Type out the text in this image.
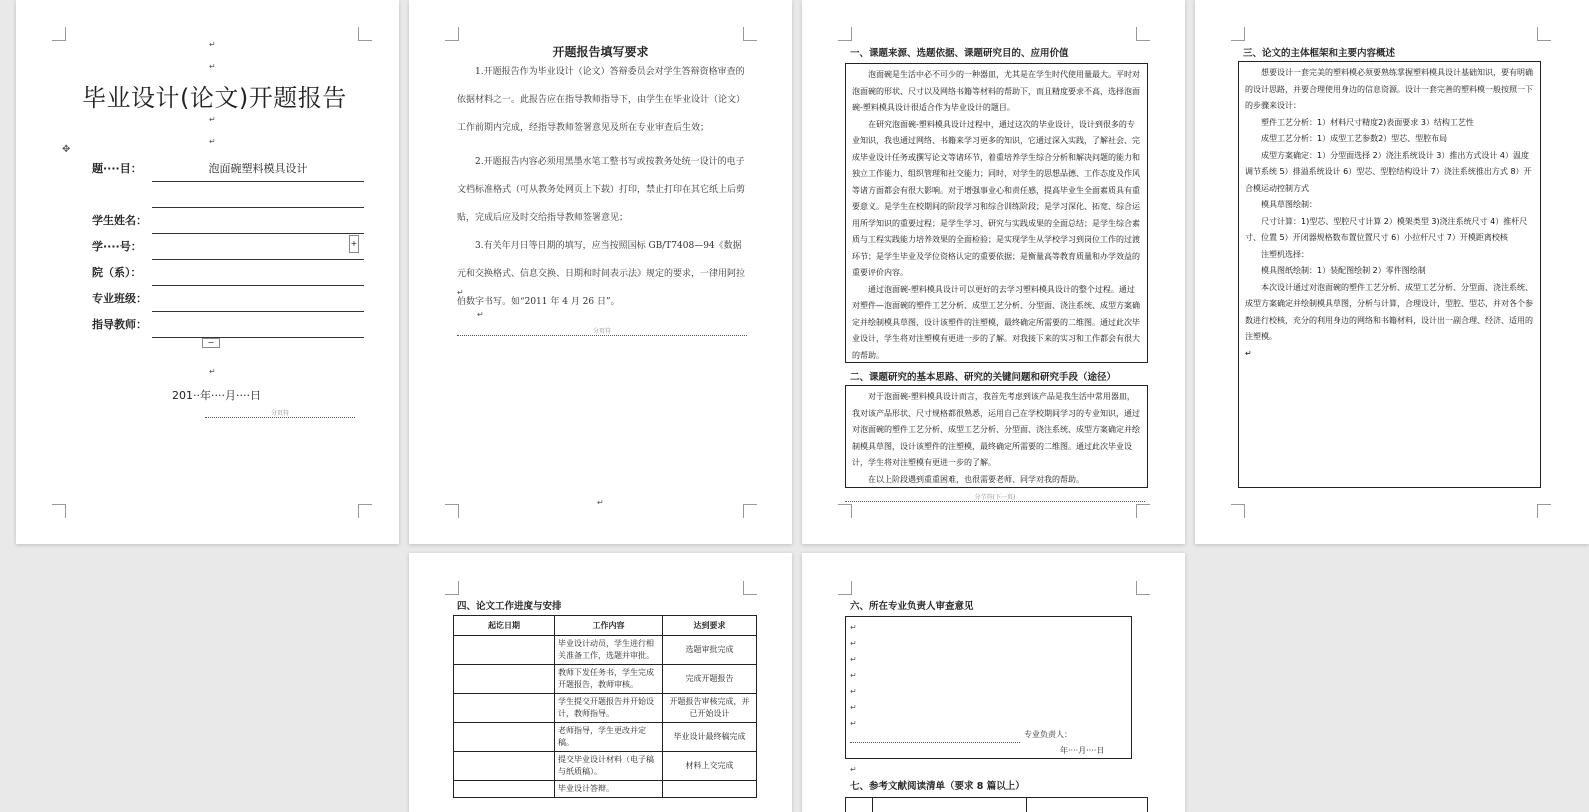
↵
↵
毕业设计(论文)开题报告
↵
↵
✥
题····目：	泡面碗塑料模具设计

学生姓名：	
学····号：	
院（系）：	
专业班级：	
指导教师：	
+
−
↵
201··年····月····日
分页符
开题报告填写要求
1.开题报告作为毕业设计（论文）答辩委员会对学生答辩资格审查的依据材料之一。此报告应在指导教师指导下，由学生在毕业设计（论文）工作前期内完成，经指导教师签署意见及所在专业审查后生效；
2.开题报告内容必须用黑墨水笔工整书写或按教务处统一设计的电子文档标准格式（可从教务处网页上下载）打印，禁止打印在其它纸上后剪贴，完成后应及时交给指导教师签署意见；
3.有关年月日等日期的填写，应当按照国标 GB/T7408—94《数据元和交换格式、信息交换、日期和时间表示法》规定的要求，一律用阿拉伯数字书写。如“2011 年 4 月 26 日”。
↵
↵
分页符
↵
一、课题来源、选题依据、课题研究目的、应用价值

泡面碗是生活中必不可少的一种器皿，尤其是在学生时代使用量最大。平时对泡面碗的形状、尺寸以及网络书籍等材料的帮助下，而且精度要求不高，选择泡面碗-塑料模具设计很适合作为毕业设计的题目。

在研究泡面碗-塑料模具设计过程中，通过这次的毕业设计，设计到很多的专业知识，我也通过网络、书籍来学习更多的知识，它通过深入实践，了解社会、完成毕业设计任务或撰写论文等诸环节，着重培养学生综合分析和解决问题的能力和独立工作能力、组织管理和社交能力；同时，对学生的思想品德、工作态度及作风等诸方面都会有很大影响。对于增强事业心和责任感，提高毕业生全面素质具有重要意义。是学生在校期间的阶段学习和综合训练阶段；是学习深化、拓宽、综合运用所学知识的重要过程；是学生学习、研究与实践成果的全面总结；是学生综合素质与工程实践能力培养效果的全面检验；是实现学生从学校学习到岗位工作的过渡环节；是学生毕业及学位资格认定的重要依据；是衡量高等教育质量和办学效益的重要评价内容。

通过泡面碗-塑料模具设计可以更好的去学习塑料模具设计的整个过程。通过对塑件—泡面碗的塑件工艺分析、成型工艺分析、分型面、浇注系统、成型方案确定并绘制模具草图，设计该塑件的注塑模，最终确定所需要的二维图。通过此次毕业设计，学生将对注塑模有更进一步的了解。对我接下来的实习和工作都会有很大的帮助。

二、课题研究的基本思路、研究的关键问题和研究手段（途径）

对于泡面碗-塑料模具设计而言，我首先考虑到该产品是我生活中常用器皿，我对该产品形状、尺寸规格都很熟悉，运用自己在学校期间学习的专业知识，通过对泡面碗的塑件工艺分析、成型工艺分析、分型面、浇注系统、成型方案确定并绘制模具草图，设计该塑件的注塑模，最终确定所需要的二维图。通过此次毕业设计，学生将对注塑模有更进一步的了解。

在以上阶段遇到重重困难，也很需要老师、同学对我的帮助。

分节符(下一页)
三、论文的主体框架和主要内容概述

想要设计一套完美的塑料模必须要熟练掌握塑料模具设计基础知识，要有明确的设计思路，并要合理使用身边的信息资源。设计一套完善的塑料模一般按照一下的步骤来设计：

塑件工艺分析：1）材料尺寸精度2)表面要求 3）结构工艺性

成型工艺分析：1）成型工艺参数2）型芯、型腔布局

成型方案确定：1）分型面选择 2）浇注系统设计 3）推出方式设计 4）温度调节系统 5）排溢系统设计 6）型芯、型腔结构设计 7）浇注系统推出方式 8）开合模运动控制方式

模具草图绘制：

尺寸计算：1)型芯、型腔尺寸计算 2）模架类型 3)浇注系统尺寸 4）推杆尺寸、位置 5）开闭器规格数布置位置尺寸 6）小拉杆尺寸 7）开模距离校核

注塑机选择：

模具图纸绘制：1）装配图绘制 2）零件图绘制

本次设计通过对泡面碗的塑件工艺分析、成型工艺分析、分型面、浇注系统、成型方案确定并绘制模具草图，分析与计算，合理设计，型腔、型芯，并对各个参数进行校核，充分的利用身边的网络和书籍材料，设计出一副合理、经济、适用的注塑模。

↵

四、论文工作进度与安排
起讫日期	工作内容	达到要求
	毕业设计动员，学生进行相关准备工作，选题并审批。	选题审批完成
	教师下发任务书，学生完成开题报告，教师审核。	完成开题报告
	学生提交开题报告并开始设计，教师指导。	开题报告审核完成，并已开始设计
	老师指导，学生更改并定稿。	毕业设计最终稿完成
	提交毕业设计材料（电子稿与纸质稿）。	材料上交完成
	毕业设计答辩。	
六、所在专业负责人审查意见
↵
七、参考文献阅读清单（要求 8 篇以上）
↵
↵
↵
↵
↵
↵
↵
专业负责人：
年····月····日
